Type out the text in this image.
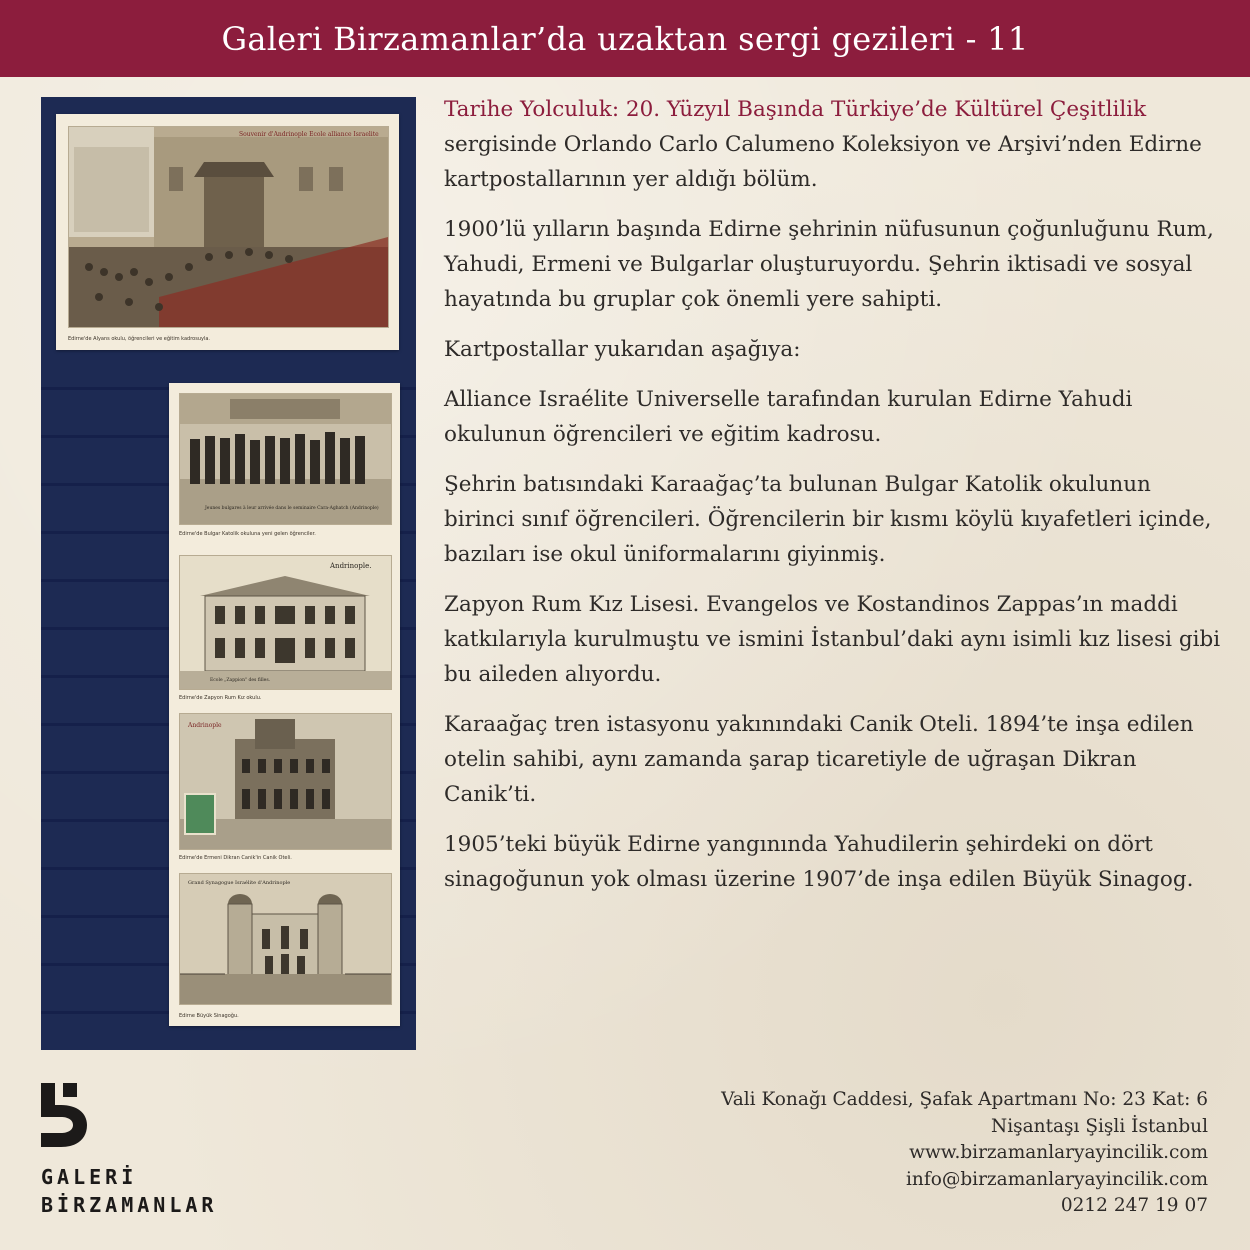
Galeri Birzamanlar’da uzaktan sergi gezileri - 11
Souvenir d'Andrinople Ecole alliance Israelite
Edirne'de Alyans okulu, öğrencileri ve eğitim kadrosuyla.
Jeunes bulgares à leur arrivée dans le seminaire Cara-Aghatch (Andrinople)
Edirne'de Bulgar Katolik okuluna yeni gelen öğrenciler.
Andrinople.
Ecole „Zappion" des filles.
Edirne'de Zapyon Rum Kız okulu.
Andrinople
Edirne'de Ermeni Dikran Canik'in Canik Oteli.
Grand Synagogue Israélite d'Andrinople
Edirne Büyük Sinagoğu.

Tarihe Yolculuk: 20. Yüzyıl Başında Türkiye’de Kültürel Çeşitlilik sergisinde Orlando Carlo Calumeno Koleksiyon ve Arşivi’nden Edirne kartpostallarının yer aldığı bölüm.

1900’lü yılların başında Edirne şehrinin nüfusunun çoğunluğunu Rum, Yahudi, Ermeni ve Bulgarlar oluşturuyordu. Şehrin iktisadi ve sosyal hayatında bu gruplar çok önemli yere sahipti.

Kartpostallar yukarıdan aşağıya:

Alliance Israélite Universelle tarafından kurulan Edirne Yahudi okulunun öğrencileri ve eğitim kadrosu.

Şehrin batısındaki Karaağaç’ta bulunan Bulgar Katolik okulunun birinci sınıf öğrencileri. Öğrencilerin bir kısmı köylü kıyafetleri içinde, bazıları ise okul üniformalarını giyinmiş.

Zapyon Rum Kız Lisesi. Evangelos ve Kostandinos Zappas’ın maddi katkılarıyla kurulmuştu ve ismini İstanbul’daki aynı isimli kız lisesi gibi bu aileden alıyordu.

Karaağaç tren istasyonu yakınındaki Canik Oteli. 1894’te inşa edilen otelin sahibi, aynı zamanda şarap ticaretiyle de uğraşan Dikran Canik’ti.

1905’teki büyük Edirne yangınında Yahudilerin şehirdeki on dört sinagoğunun yok olması üzerine 1907’de inşa edilen Büyük Sinagog.

GALERİ
BİRZAMANLAR
Vali Konağı Caddesi, Şafak Apartmanı No: 23 Kat: 6
Nişantaşı Şişli İstanbul
www.birzamanlaryayincilik.com
info@birzamanlaryayincilik.com
0212 247 19 07
